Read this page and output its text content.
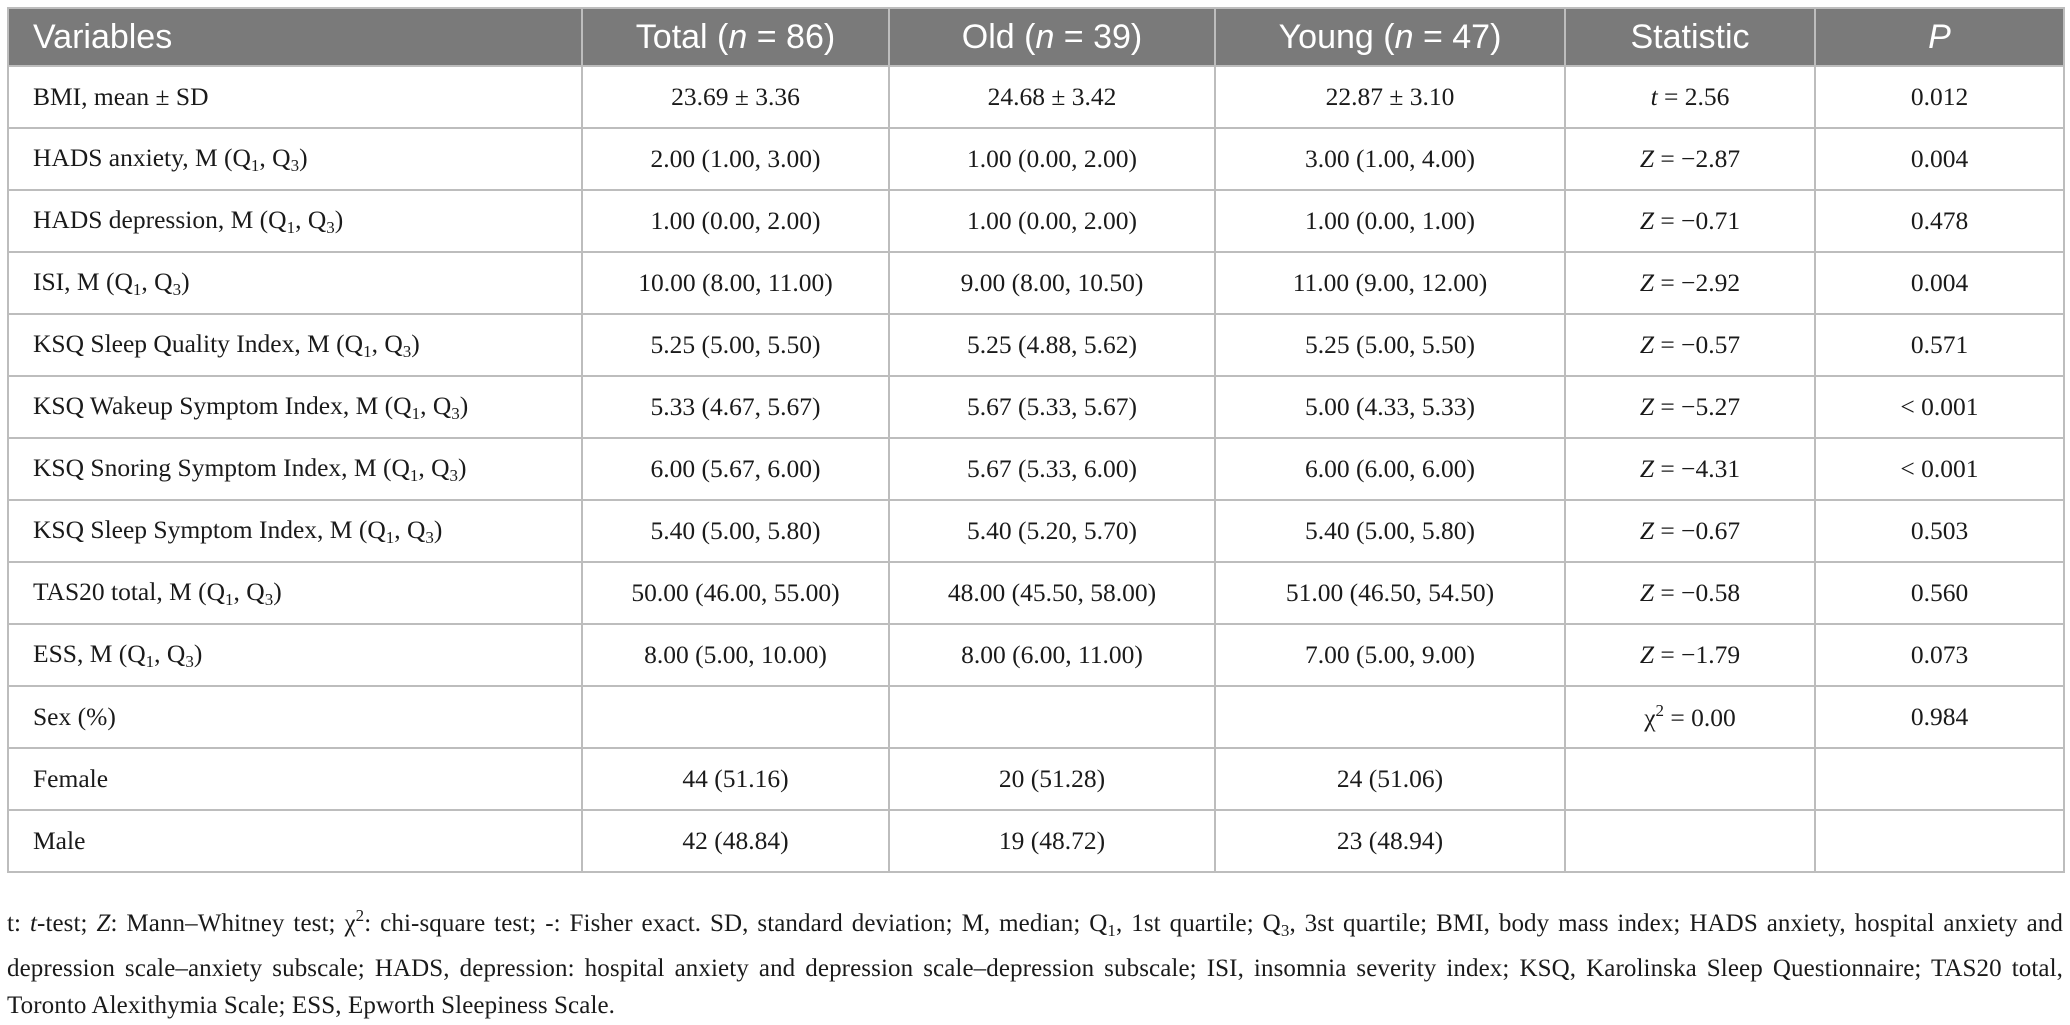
Variables	Total (n = 86)	Old (n = 39)	Young (n = 47)	Statistic	P
BMI, mean ± SD	23.69 ± 3.36	24.68 ± 3.42	22.87 ± 3.10	t = 2.56	0.012
HADS anxiety, M ($Q_1$, $Q_3$)	2.00 (1.00, 3.00)	1.00 (0.00, 2.00)	3.00 (1.00, 4.00)	Z = −2.87	0.004
HADS depression, M ($Q_1$, $Q_3$)	1.00 (0.00, 2.00)	1.00 (0.00, 2.00)	1.00 (0.00, 1.00)	Z = −0.71	0.478
ISI, M ($Q_1$, $Q_3$)	10.00 (8.00, 11.00)	9.00 (8.00, 10.50)	11.00 (9.00, 12.00)	Z = −2.92	0.004
KSQ Sleep Quality Index, M ($Q_1$, $Q_3$)	5.25 (5.00, 5.50)	5.25 (4.88, 5.62)	5.25 (5.00, 5.50)	Z = −0.57	0.571
KSQ Wakeup Symptom Index, M ($Q_1$, $Q_3$)	5.33 (4.67, 5.67)	5.67 (5.33, 5.67)	5.00 (4.33, 5.33)	Z = −5.27	< 0.001
KSQ Snoring Symptom Index, M ($Q_1$, $Q_3$)	6.00 (5.67, 6.00)	5.67 (5.33, 6.00)	6.00 (6.00, 6.00)	Z = −4.31	< 0.001
KSQ Sleep Symptom Index, M ($Q_1$, $Q_3$)	5.40 (5.00, 5.80)	5.40 (5.20, 5.70)	5.40 (5.00, 5.80)	Z = −0.67	0.503
TAS20 total, M ($Q_1$, $Q_3$)	50.00 (46.00, 55.00)	48.00 (45.50, 58.00)	51.00 (46.50, 54.50)	Z = −0.58	0.560
ESS, M ($Q_1$, $Q_3$)	8.00 (5.00, 10.00)	8.00 (6.00, 11.00)	7.00 (5.00, 9.00)	Z = −1.79	0.073
Sex (%)				$\chi^2 = 0.00$	0.984
Female	44 (51.16)	20 (51.28)	24 (51.06)		
Male	42 (48.84)	19 (48.72)	23 (48.94)		
t: t-test; Z: Mann–Whitney test; $\chi^2$: chi-square test; -: Fisher exact. SD, standard deviation; M, median; $Q_1$, 1st quartile; $Q_3$, 3st quartile; BMI, body mass index; HADS anxiety, hospital anxiety and depression scale–anxiety subscale; HADS, depression: hospital anxiety and depression scale–depression subscale; ISI, insomnia severity index; KSQ, Karolinska Sleep Questionnaire; TAS20 total, Toronto Alexithymia Scale; ESS, Epworth Sleepiness Scale.
